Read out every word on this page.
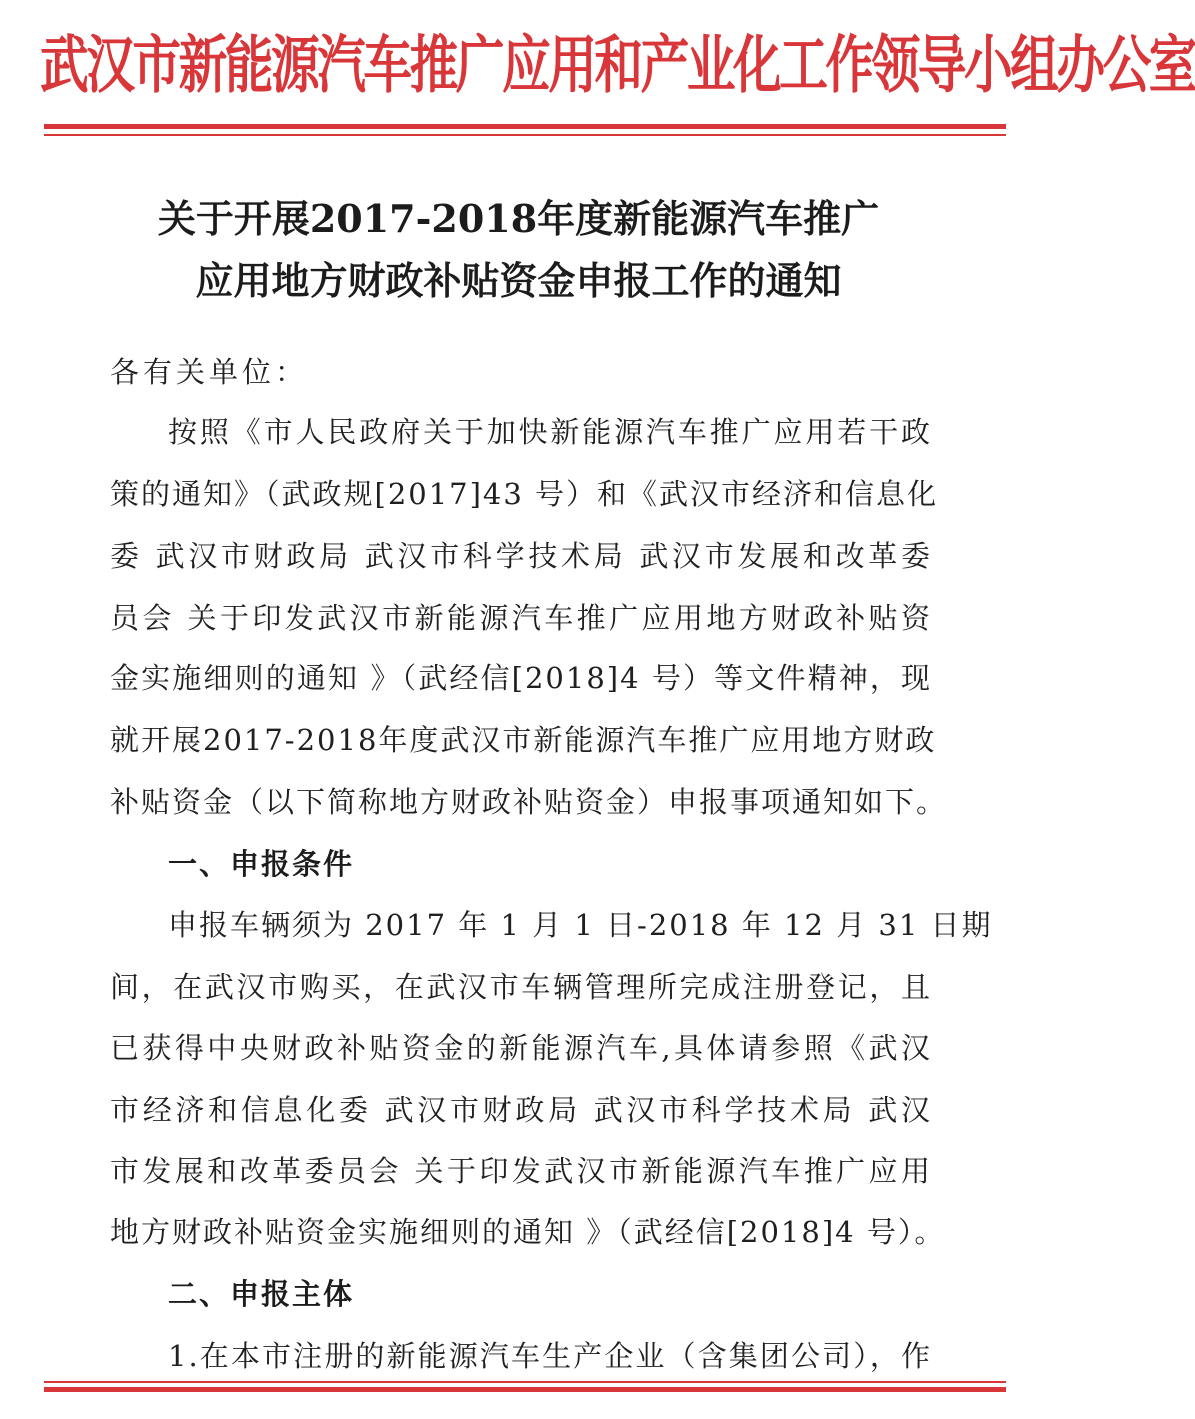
武汉市新能源汽车推广应用和产业化工作领导小组办公室
关于开展2017-2018年度新能源汽车推广
应用地方财政补贴资金申报工作的通知
各有关单位：
按照《市人民政府关于加快新能源汽车推广应用若干政
策的通知》（武政规[2017]43 号）和《武汉市经济和信息化
委 武汉市财政局 武汉市科学技术局 武汉市发展和改革委
员会 关于印发武汉市新能源汽车推广应用地方财政补贴资
金实施细则的通知 》（武经信[2018]4 号）等文件精神，现
就开展2017-2018年度武汉市新能源汽车推广应用地方财政
补贴资金（以下简称地方财政补贴资金）申报事项通知如下。
一、申报条件
申报车辆须为 2017 年 1 月 1 日-2018 年 12 月 31 日期
间，在武汉市购买，在武汉市车辆管理所完成注册登记，且
已获得中央财政补贴资金的新能源汽车,具体请参照《武汉
市经济和信息化委 武汉市财政局 武汉市科学技术局 武汉
市发展和改革委员会 关于印发武汉市新能源汽车推广应用
地方财政补贴资金实施细则的通知 》（武经信[2018]4 号）。
二、申报主体
1.在本市注册的新能源汽车生产企业（含集团公司），作
